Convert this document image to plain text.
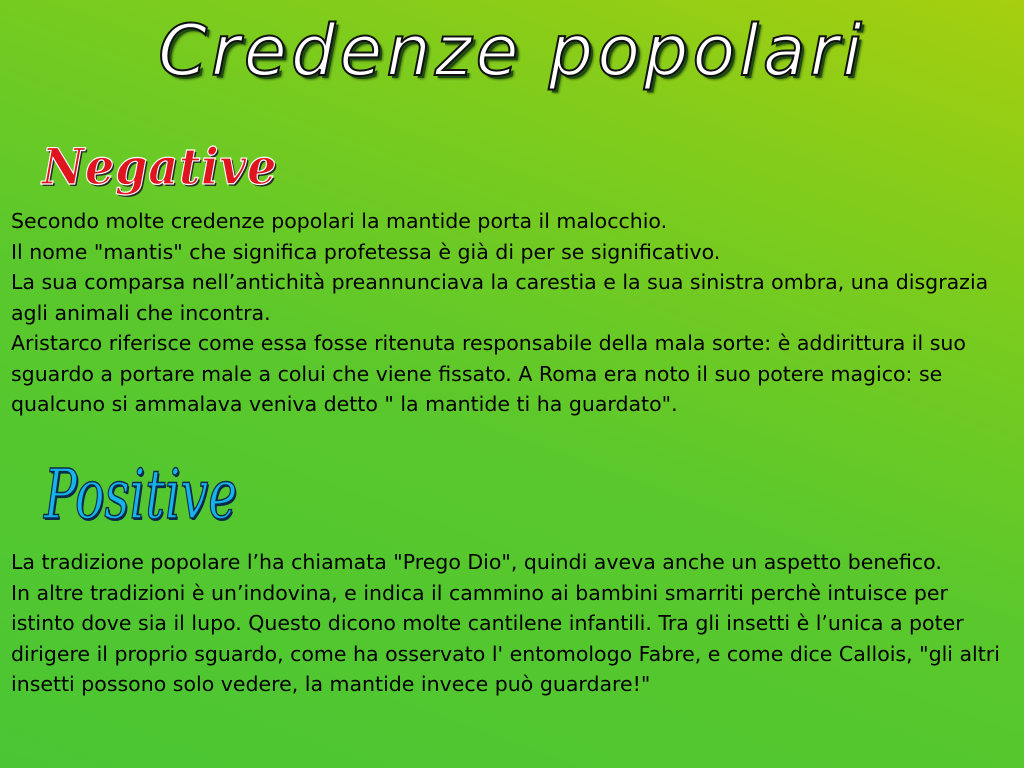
Credenze popolari
Negative

Secondo molte credenze popolari la mantide porta il malocchio.

Il nome "mantis" che significa profetessa è già di per se significativo.

La sua comparsa nell’antichità preannunciava la carestia e la sua sinistra ombra, una disgrazia agli animali che incontra.

Aristarco riferisce come essa fosse ritenuta responsabile della mala sorte: è addirittura il suo sguardo a portare male a colui che viene fissato. A Roma era noto il suo potere magico: se qualcuno si ammalava veniva detto " la mantide ti ha guardato".

Positive

La tradizione popolare l’ha chiamata "Prego Dio", quindi aveva anche un aspetto benefico.

In altre tradizioni è un’indovina, e indica il cammino ai bambini smarriti perchè intuisce per istinto dove sia il lupo. Questo dicono molte cantilene infantili. Tra gli insetti è l’unica a poter dirigere il proprio sguardo, come ha osservato l' entomologo Fabre, e come dice Callois, "gli altri insetti possono solo vedere, la mantide invece può guardare!"
